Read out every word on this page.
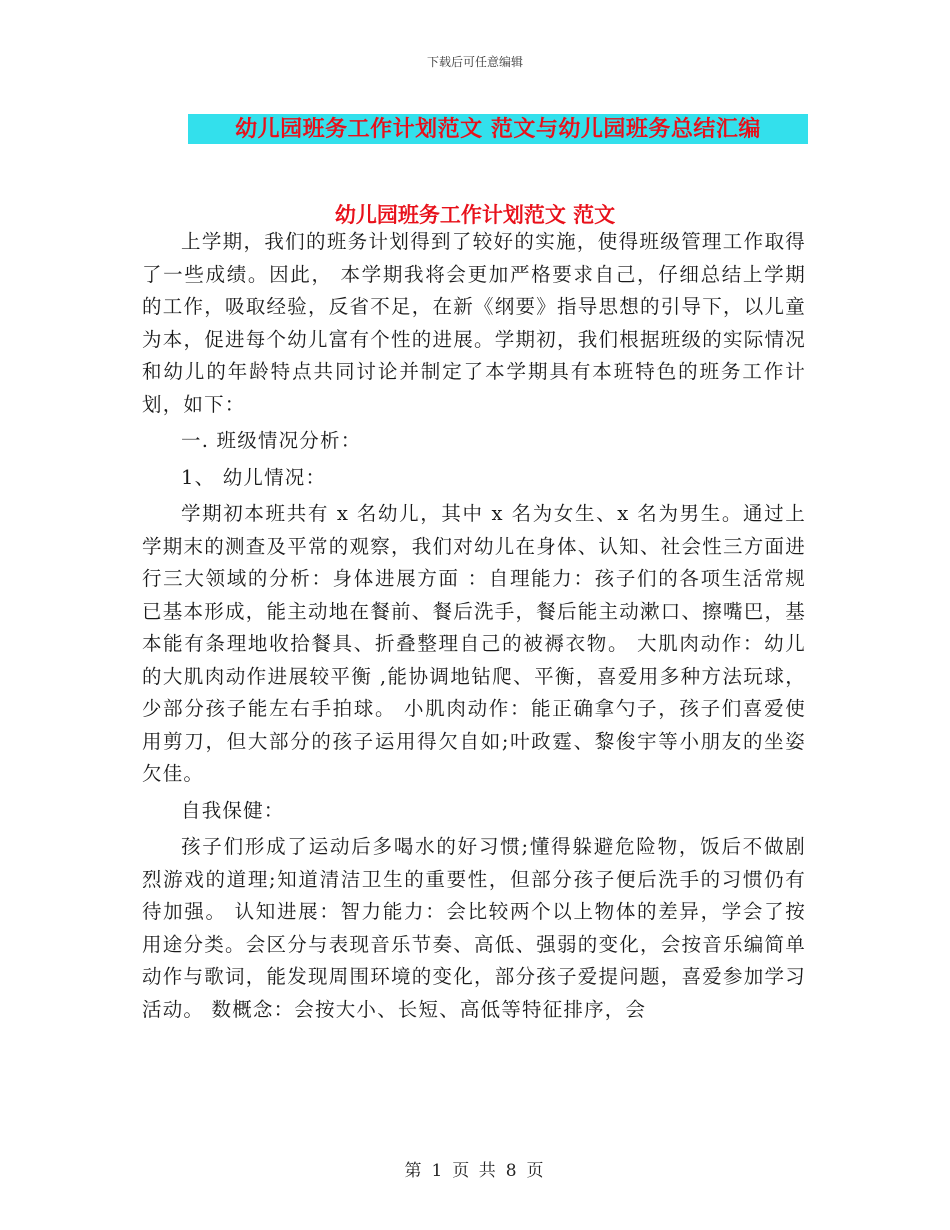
下载后可任意编辑
幼儿园班务工作计划范文 范文与幼儿园班务总结汇编
幼儿园班务工作计划范文 范文

上学期，我们的班务计划得到了较好的实施，使得班级管理工作取得了一些成绩。因此， 本学期我将会更加严格要求自己，仔细总结上学期的工作，吸取经验，反省不足，在新《纲要》指导思想的引导下，以儿童为本，促进每个幼儿富有个性的进展。学期初，我们根据班级的实际情况和幼儿的年龄特点共同讨论并制定了本学期具有本班特色的班务工作计划，如下：

一. 班级情况分析：

1、 幼儿情况：

学期初本班共有 x 名幼儿，其中 x 名为女生、x 名为男生。通过上学期末的测查及平常的观察，我们对幼儿在身体、认知、社会性三方面进行三大领域的分析：身体进展方面 ：自理能力：孩子们的各项生活常规已基本形成，能主动地在餐前、餐后洗手，餐后能主动漱口、擦嘴巴，基本能有条理地收拾餐具、折叠整理自己的被褥衣物。 大肌肉动作：幼儿的大肌肉动作进展较平衡 ,能协调地钻爬、平衡，喜爱用多种方法玩球，少部分孩子能左右手拍球。 小肌肉动作：能正确拿勺子，孩子们喜爱使用剪刀，但大部分的孩子运用得欠自如;叶政霆、黎俊宇等小朋友的坐姿欠佳。

自我保健：

孩子们形成了运动后多喝水的好习惯;懂得躲避危险物，饭后不做剧烈游戏的道理;知道清洁卫生的重要性，但部分孩子便后洗手的习惯仍有待加强。 认知进展：智力能力：会比较两个以上物体的差异，学会了按用途分类。会区分与表现音乐节奏、高低、强弱的变化，会按音乐编简单动作与歌词，能发现周围环境的变化，部分孩子爱提问题，喜爱参加学习活动。 数概念：会按大小、长短、高低等特征排序，会

第 1 页 共 8 页
